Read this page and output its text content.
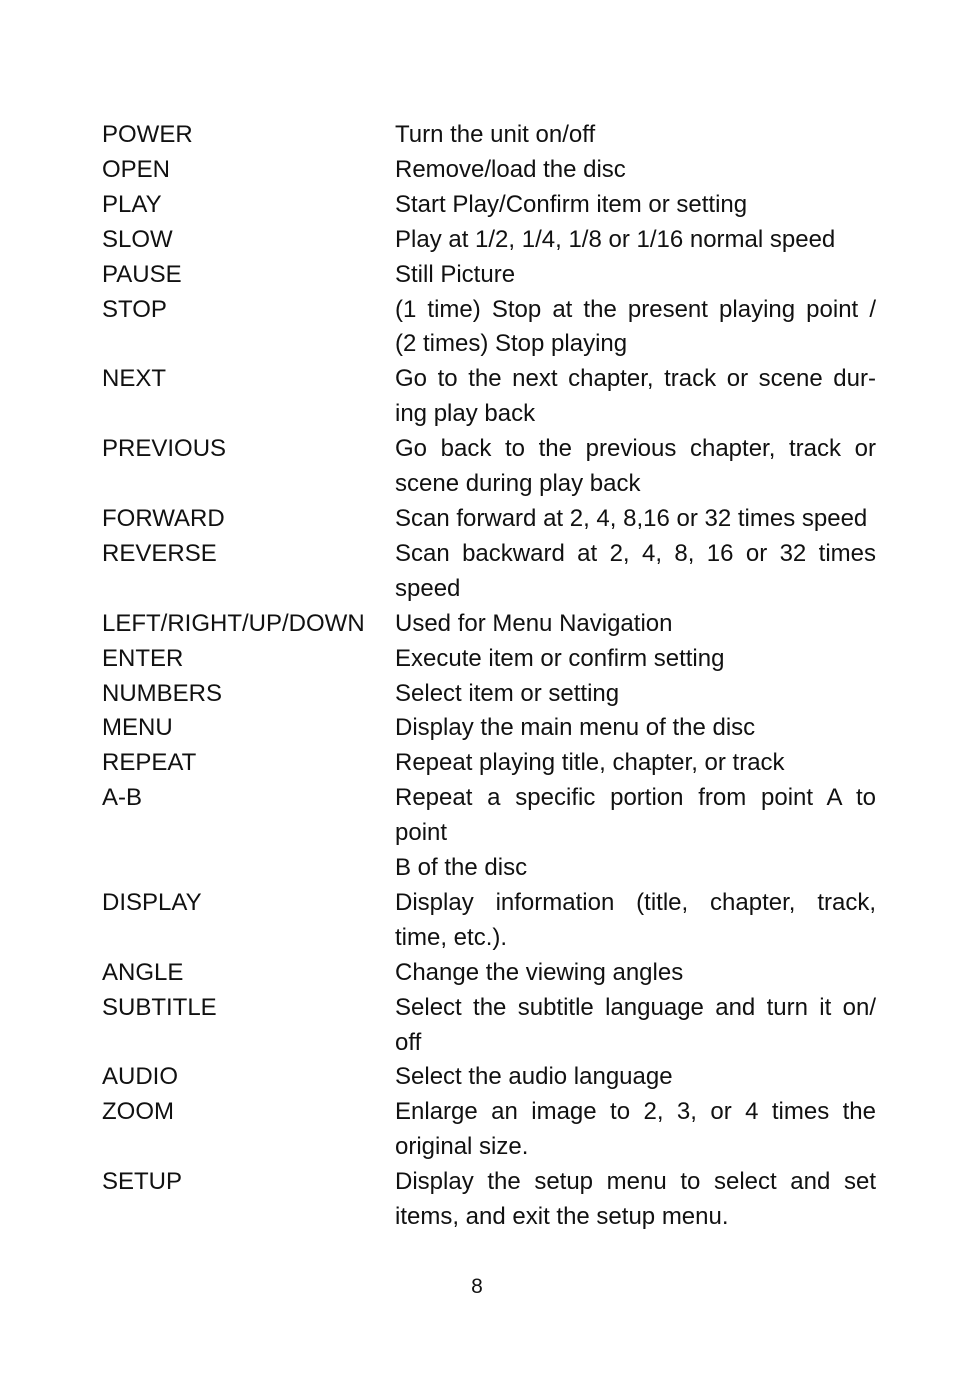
POWER	Turn the unit on/off
OPEN	Remove/load the disc
PLAY	Start Play/Confirm item or setting
SLOW	Play at 1/2, 1/4, 1/8 or 1/16 normal speed
PAUSE	Still Picture
STOP	(1 time) Stop at the present playing point /
(2 times) Stop playing
NEXT	Go to the next chapter, track or scene dur-
ing play back
PREVIOUS	Go back to the previous chapter, track or
scene during play back
FORWARD	Scan forward at 2, 4, 8,16 or 32 times speed
REVERSE	Scan backward at 2, 4, 8, 16 or 32 times
speed
LEFT/RIGHT/UP/DOWN	Used for Menu Navigation
ENTER	Execute item or confirm setting
NUMBERS	Select item or setting
MENU	Display the main menu of the disc
REPEAT	Repeat playing title, chapter, or track
A-B	Repeat a specific portion from point A to point
B of the disc
DISPLAY	Display information (title, chapter, track,
time, etc.).
ANGLE	Change the viewing angles
SUBTITLE	Select the subtitle language and turn it on/
off
AUDIO	Select the audio language
ZOOM	Enlarge an image to 2, 3, or 4 times the
original size.
SETUP	Display the setup menu to select and set
items, and exit the setup menu.
8
